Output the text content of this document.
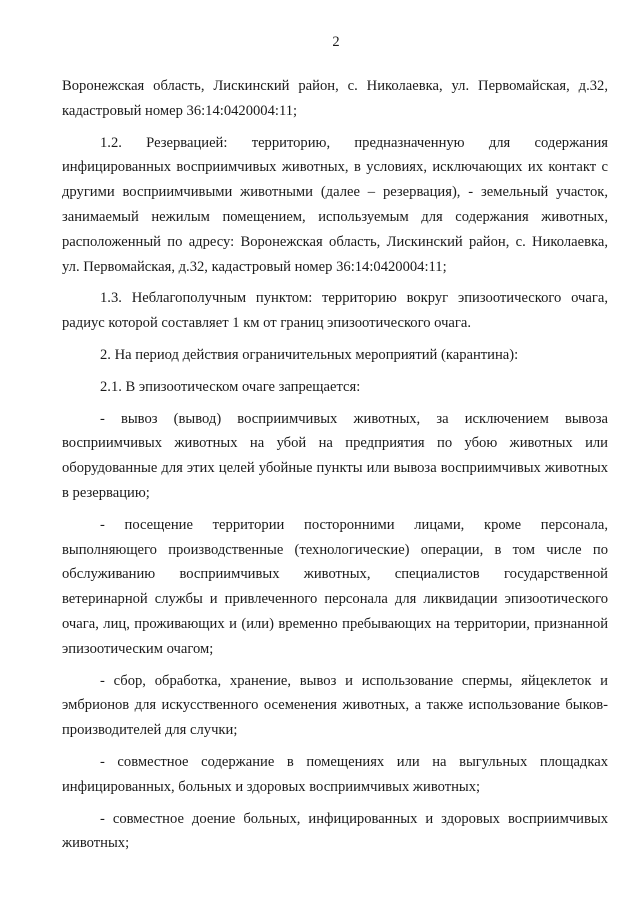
2

Воронежская область, Лискинский район, с. Николаевка, ул. Первомайская, д.32, кадастровый номер 36:14:0420004:11;

1.2. Резервацией: территорию, предназначенную для содержания инфицированных восприимчивых животных, в условиях, исключающих их контакт с другими восприимчивыми животными (далее – резервация), - земельный участок, занимаемый нежилым помещением, используемым для содержания животных, расположенный по адресу: Воронежская область, Лискинский район, с. Николаевка, ул. Первомайская, д.32, кадастровый номер 36:14:0420004:11;

1.3. Неблагополучным пунктом: территорию вокруг эпизоотического очага, радиус которой составляет 1 км от границ эпизоотического очага.

2. На период действия ограничительных мероприятий (карантина):

2.1. В эпизоотическом очаге запрещается:

- вывоз (вывод) восприимчивых животных, за исключением вывоза восприимчивых животных на убой на предприятия по убою животных или оборудованные для этих целей убойные пункты или вывоза восприимчивых животных в резервацию;

- посещение территории посторонними лицами, кроме персонала, выполняющего производственные (технологические) операции, в том числе по обслуживанию восприимчивых животных, специалистов государственной ветеринарной службы и привлеченного персонала для ликвидации эпизоотического очага, лиц, проживающих и (или) временно пребывающих на территории, признанной эпизоотическим очагом;

- сбор, обработка, хранение, вывоз и использование спермы, яйцеклеток и эмбрионов для искусственного осеменения животных, а также использование быков-производителей для случки;

- совместное содержание в помещениях или на выгульных площадках инфицированных, больных и здоровых восприимчивых животных;

- совместное доение больных, инфицированных и здоровых восприимчивых животных;
